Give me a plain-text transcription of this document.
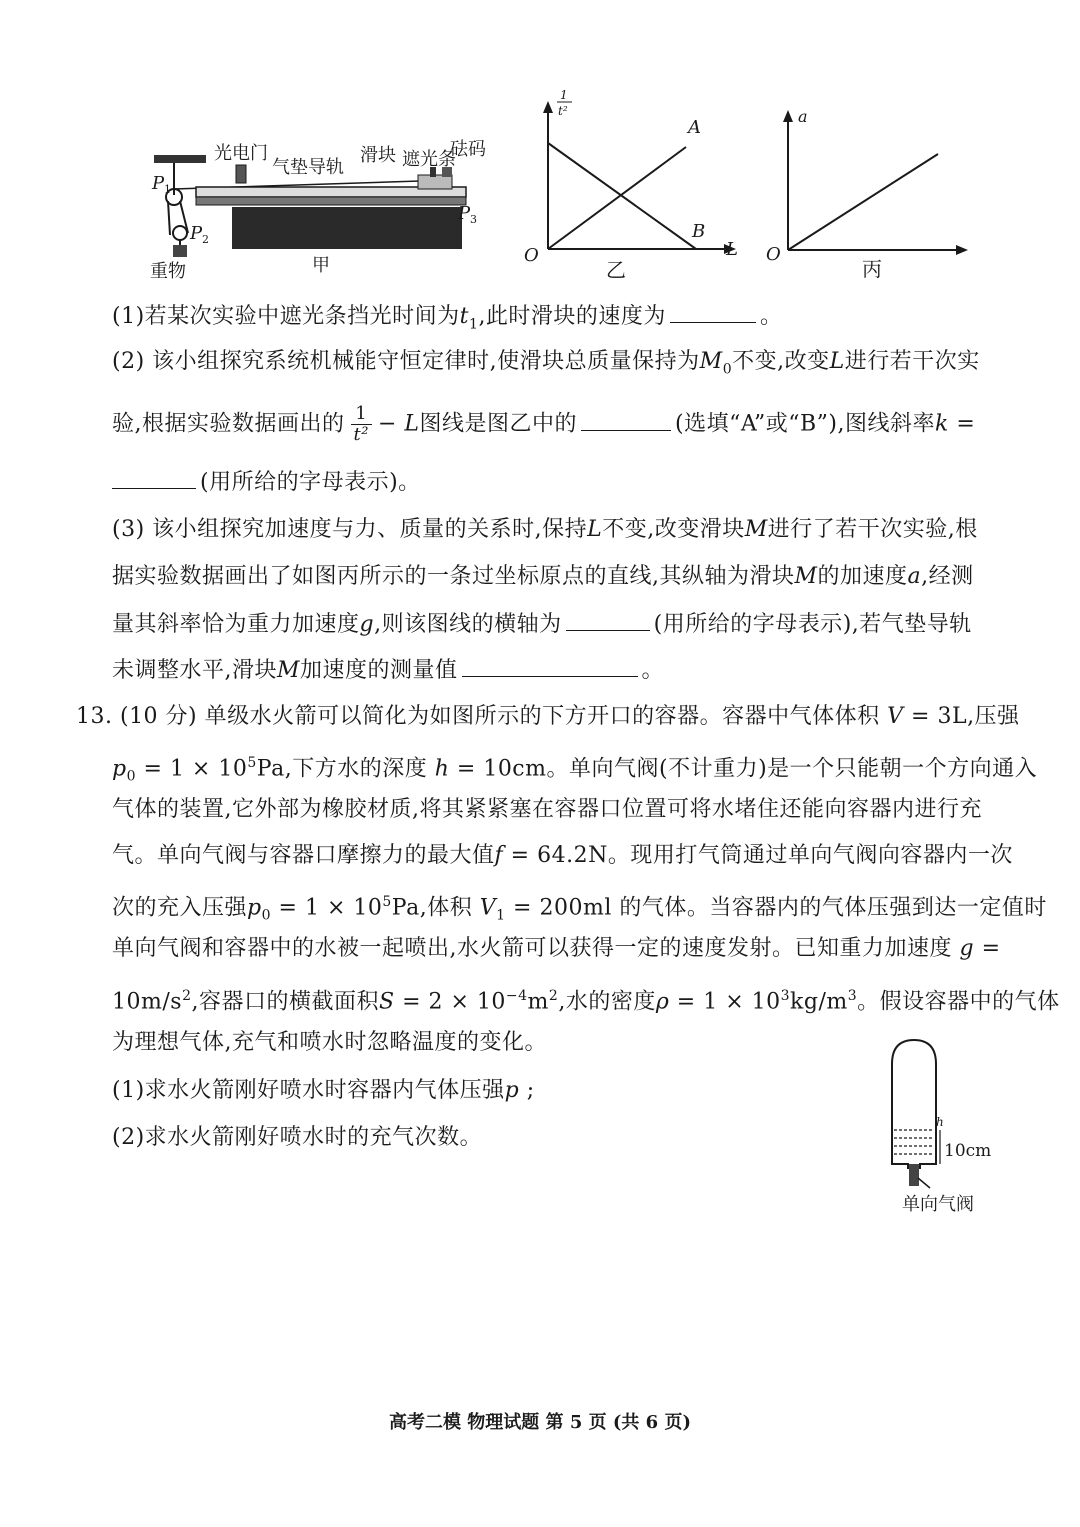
光电门
气垫导轨
滑块 遮光条
砝码
P 1
P 2
P 3
重物	甲
1
t²
L
O
A
B
乙
a
O
丙
(1)若某次实验中遮光条挡光时间为$t_1$,此时滑块的速度为	。
(2) 该小组探究系统机械能守恒定律时,使滑块总质量保持为$M_0$不变,改变L进行若干次实
验,根据实验数据画出的 $\frac{1}{\text{t²}} - L$图线是图乙中的	(选填“A”或“B”),图线斜率k =
(用所给的字母表示)。
(3) 该小组探究加速度与力、质量的关系时,保持L不变,改变滑块M进行了若干次实验,根
据实验数据画出了如图丙所示的一条过坐标原点的直线,其纵轴为滑块M的加速度a,经测
量其斜率恰为重力加速度g,则该图线的横轴为	(用所给的字母表示),若气垫导轨
未调整水平,滑块M加速度的测量值	。
13. (10 分) 单级水火箭可以简化为如图所示的下方开口的容器。容器中气体体积 V = 3L,压强
$p_0 = 1 \times 10^5Pa$,下方水的深度 h = 10cm。单向气阀(不计重力)是一个只能朝一个方向通入
气体的装置,它外部为橡胶材质,将其紧紧塞在容器口位置可将水堵住还能向容器内进行充
气。单向气阀与容器口摩擦力的最大值f = 64.2N。现用打气筒通过单向气阀向容器内一次
次的充入压强$p_0 = 1 \times 10^5Pa$,体积 $V_1 = 200ml$ 的气体。当容器内的气体压强到达一定值时
单向气阀和容器中的水被一起喷出,水火箭可以获得一定的速度发射。已知重力加速度 g =
$10m/s^2$,容器口的横截面积$S = 2 \times 10^{-4}m^2$,水的密度$\rho = 1 \times 10^3kg/m^3$。假设容器中的气体
为理想气体,充气和喷水时忽略温度的变化。
(1)求水火箭刚好喷水时容器内气体压强p ;
(2)求水火箭刚好喷水时的充气次数。
h
10cm
单向气阀
高考二模 物理试题 第 5 页 (共 6 页)
